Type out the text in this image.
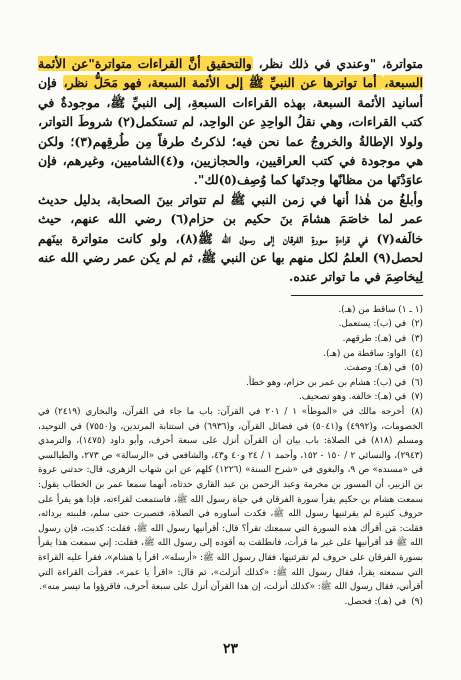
متواترة، "وعندي في ذلك نظر، والتحقيق أنَّ القراءات متواترة"عن الأئمة السبعة، أما تواترها عن النبيِّ ﷺ إلى الأئمة السبعة، فهو مَحَلُّ نظر، فإن أسانيد الأئمة السبعة، بهذه القراءات السبعةِ، إلى النبيِّ ﷺ، موجودةٌ في كتب القراءات، وهي نقلُ الواحِدِ عن الواحِد، لم تستكمل(٢) شروطَ التواتر، ولولا الإطالةُ والخروجُ عما نحن فيه؛ لذكرتُ طرفاً مِن طُرقِهم(٣)؛ ولكن هي موجودة في كتب العراقيين، والحجازيين، و(٤)الشاميين، وغيرهم، فإن عاوَدْتَها من مظانّها وجدتَها كما وُصِف(٥)لك".

وأبلغُ من هٰذا أنها في زمن النبي ﷺ لم تتواتر بينَ الصحابة، بدليل حديث عمر لما خاصَمَ هشامَ بنَ حكيم بن حزام(٦) رضي الله عنهم، حيث خالَفه(٧) في قراءةِ سورةِ الفرقان إلى رسول الله ﷺ(٨)، ولو كانت متواترة بينَهم لحصل(٩) العلمُ لكل منهم بها عن النبي ﷺ، ثم لم يكن عمر رضي الله عنه لِيخاصِمَ في ما تواتر عنده.

(١ ـ ١) ساقط من (هـ).

(٢) في (ب): يستعمل.

(٣) في (هـ): طرقهم.

(٤) الواو: ساقطة من (هـ).

(٥) في (هـ): وصفت.

(٦) في (ب): هشام بن عمر بن حزام، وهو خطأ.

(٧) في (هـ): خالفه. وهو تصحيف.

(٨) أخرجه مالك في «الموطأ» ١ / ٢٠١ في القرآن: باب ما جاء في القرآن، والبخاري (٢٤١٩) في الخصومات، و(٤٩٩٢) و(٥٠٤١) في فضائل القرآن، و(٦٩٣٦) في استتابة المرتدين، و(٧٥٥٠) في التوحيد، ومسلم (٨١٨) في الصلاة: باب بيان أن القرآن أنزل على سبعة أحرف، وأبو داود (١٤٧٥)، والترمذي (٢٩٤٣)، والنسائي ٢ / ١٥٠ - ١٥٢، وأحمد ١ / ٢٤ و٤٠ و٤٣، والشافعي في «الرسالة» ص ٢٧٣، والطيالسي في «مسنده» ص ٩، والبغوي في «شرح السنة» (١٢٢٦) كلهم عن ابن شهاب الزهري، قال: حدثني عروة بن الزبير، أن المسور بن مخرمة وعبد الرحمن بن عبد القاري حدثاه، أنهما سمعا عمر بن الخطاب يقول: سمعت هشام بن حكيم يقرأ سورة الفرقان في حياة رسول الله ﷺ، فاستمعت لقراءته، فإذا هو يقرأ على حروف كثيرة لم يقرئنيها رسول الله ﷺ، فكدت أساوره في الصلاة، فتصبرت حتى سلم، فلببته بردائه، فقلت: مَن أقرأك هذه السورة التي سمعتك تقرأ؟ قال: أقرأنيها رسول الله ﷺ، فقلت: كذبت، فإن رسول الله ﷺ قد أقرأنيها على غير ما قرأت، فانطلقت به أقوده إلى رسول الله ﷺ، فقلت: إني سمعت هذا يقرأ بسورة الفرقان على حروف لم تقرئنيها، فقال رسول الله ﷺ: «أرسله»، اقرأ يا هشام»، فقرأ عليه القراءة التي سمعته يقرأ، فقال رسول الله ﷺ: «كذلك أنزلت»، ثم قال: «اقرأ يا عمر»، فقرأت القراءة التي أقرأني، فقال رسول الله ﷺ: «كذلك أنزلت، إن هذا القرآن أنزل على سبعة أحرف، فاقرؤوا ما تيسر منه».

(٩) في (هـ): فحصل.

٢٣
